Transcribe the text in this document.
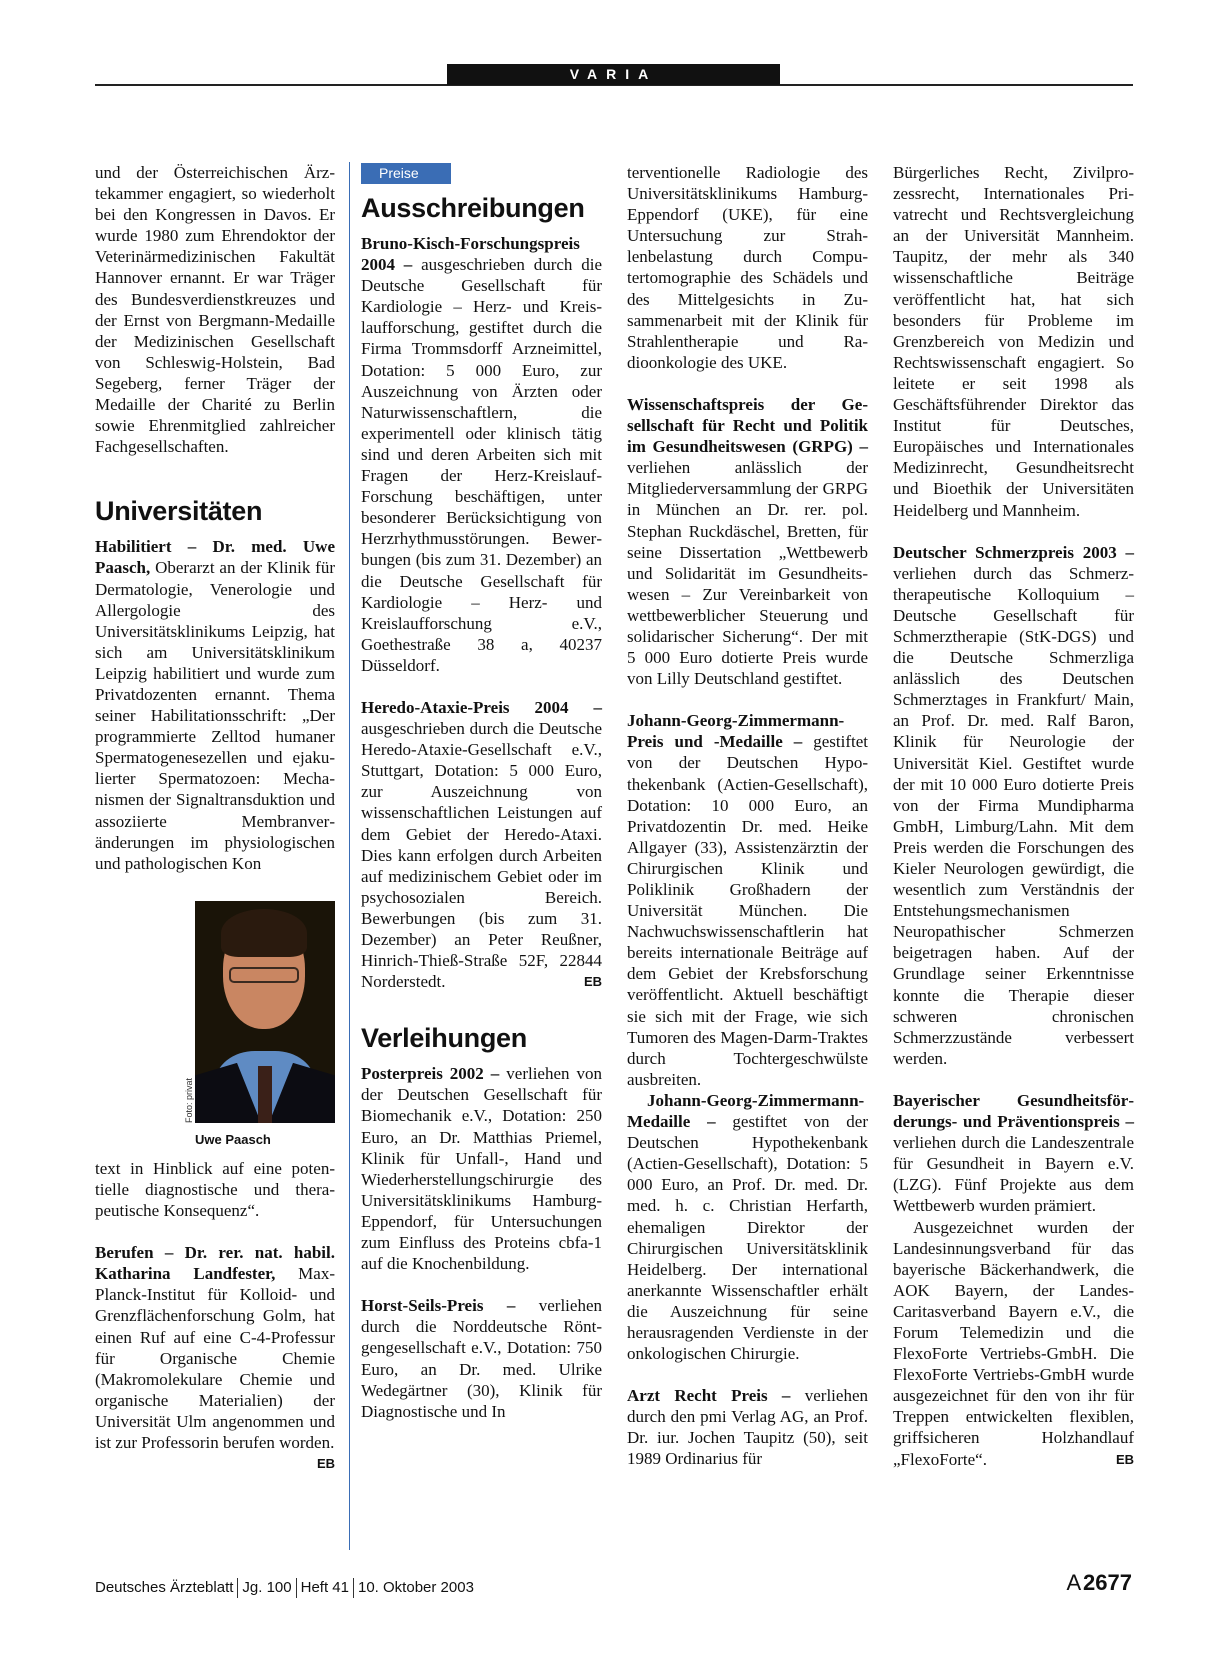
VARIA

und der Österreichischen Ärztekammer engagiert, so wiederholt bei den Kongressen in Davos. Er wurde 1980 zum Ehrendoktor der Veterinärmedizinischen Fakultät Hannover ernannt. Er war Träger des Bundesverdienstkreuzes und der Ernst von Bergmann-Medaille der Medizinischen Gesellschaft von Schleswig-Holstein, Bad Segeberg, ferner Träger der Medaille der Charité zu Berlin sowie Ehrenmitglied zahlreicher Fachgesellschaften.

Universitäten

Habilitiert – Dr. med. Uwe Paasch, Oberarzt an der Klinik für Dermatologie, Venerologie und Allergologie des Universitätsklinikums Leipzig, hat sich am Universitätsklinikum Leipzig habilitiert und wurde zum Privatdozenten ernannt. Thema seiner Habilitationsschrift: „Der programmierte Zelltod humaner Spermatogenesezellen und ejakulierter Spermatozoen: Mechanismen der Signaltransduktion und assoziierte Membranveränderungen im physiologischen und pathologischen Kon

Foto: privat
Uwe Paasch

text in Hinblick auf eine potentielle diagnostische und therapeutische Konsequenz“.

Berufen – Dr. rer. nat. habil. Katharina Landfester, Max-Planck-Institut für Kolloid- und Grenzflächenforschung Golm, hat einen Ruf auf eine C-4-Professur für Organische Chemie (Makromolekulare Chemie und organische Materialien) der Universität Ulm angenommen und ist zur Professorin berufen worden.
EB

Preise
Ausschreibungen

Bruno-Kisch-Forschungspreis 2004 – ausgeschrieben durch die Deutsche Gesellschaft für Kardiologie – Herz- und Kreislaufforschung, gestiftet durch die Firma Trommsdorff Arzneimittel, Dotation: 5 000 Euro, zur Auszeichnung von Ärzten oder Naturwissenschaftlern, die experimentell oder klinisch tätig sind und deren Arbeiten sich mit Fragen der Herz-Kreislauf-Forschung beschäftigen, unter besonderer Berücksichtigung von Herzrhythmusstörungen. Bewerbungen (bis zum 31. Dezember) an die Deutsche Gesellschaft für Kardiologie – Herz- und Kreislaufforschung e.V., Goethestraße 38 a, 40237 Düsseldorf.

Heredo-Ataxie-Preis 2004 – ausgeschrieben durch die Deutsche Heredo-Ataxie-Gesellschaft e.V., Stuttgart, Dotation: 5 000 Euro, zur Auszeichnung von wissenschaftlichen Leistungen auf dem Gebiet der Heredo-Ataxi. Dies kann erfolgen durch Arbeiten auf medizinischem Gebiet oder im psychosozialen Bereich. Bewerbungen (bis zum 31. Dezember) an Peter Reußner, Hinrich-Thieß-Straße 52F, 22844 Norderstedt.	EB

Verleihungen

Posterpreis 2002 – verliehen von der Deutschen Gesellschaft für Biomechanik e.V., Dotation: 250 Euro, an Dr. Matthias Priemel, Klinik für Unfall-, Hand und Wiederherstellungschirurgie des Universitätsklinikums Hamburg-Eppendorf, für Untersuchungen zum Einfluss des Proteins cbfa-1 auf die Knochenbildung.

Horst-Seils-Preis – verliehen durch die Norddeutsche Röntgengesellschaft e.V., Dotation: 750 Euro, an Dr. med. Ulrike Wedegärtner (30), Klinik für Diagnostische und In

terventionelle Radiologie des Universitätsklinikums Hamburg-Eppendorf (UKE), für eine Untersuchung zur Strahlenbelastung durch Computertomographie des Schädels und des Mittelgesichts in Zusammenarbeit mit der Klinik für Strahlentherapie und Radioonkologie des UKE.

Wissenschaftspreis der Gesellschaft für Recht und Politik im Gesundheitswesen (GRPG) – verliehen anlässlich der Mitgliederversammlung der GRPG in München an Dr. rer. pol. Stephan Ruckdäschel, Bretten, für seine Dissertation „Wettbewerb und Solidarität im Gesundheitswesen – Zur Vereinbarkeit von wettbewerblicher Steuerung und solidarischer Sicherung“. Der mit 5 000 Euro dotierte Preis wurde von Lilly Deutschland gestiftet.

Johann-Georg-Zimmermann-Preis und -Medaille – gestiftet von der Deutschen Hypothekenbank (Actien-Gesellschaft), Dotation: 10 000 Euro, an Privatdozentin Dr. med. Heike Allgayer (33), Assistenzärztin der Chirurgischen Klinik und Poliklinik Großhadern der Universität München. Die Nachwuchswissenschaftlerin hat bereits internationale Beiträge auf dem Gebiet der Krebsforschung veröffentlicht. Aktuell beschäftigt sie sich mit der Frage, wie sich Tumoren des Magen-Darm-Traktes durch Tochtergeschwülste ausbreiten.

Johann-Georg-Zimmermann-Medaille – gestiftet von der Deutschen Hypothekenbank (Actien-Gesellschaft), Dotation: 5 000 Euro, an Prof. Dr. med. Dr. med. h. c. Christian Herfarth, ehemaligen Direktor der Chirurgischen Universitätsklinik Heidelberg. Der international anerkannte Wissenschaftler erhält die Auszeichnung für seine herausragenden Verdienste in der onkologischen Chirurgie.

Arzt Recht Preis – verliehen durch den pmi Verlag AG, an Prof. Dr. iur. Jochen Taupitz (50), seit 1989 Ordinarius für

Bürgerliches Recht, Zivilprozessrecht, Internationales Privatrecht und Rechtsvergleichung an der Universität Mannheim. Taupitz, der mehr als 340 wissenschaftliche Beiträge veröffentlicht hat, hat sich besonders für Probleme im Grenzbereich von Medizin und Rechtswissenschaft engagiert. So leitete er seit 1998 als Geschäftsführender Direktor das Institut für Deutsches, Europäisches und Internationales Medizinrecht, Gesundheitsrecht und Bioethik der Universitäten Heidelberg und Mannheim.

Deutscher Schmerzpreis 2003 – verliehen durch das Schmerztherapeutische Kolloquium – Deutsche Gesellschaft für Schmerztherapie (StK-DGS) und die Deutsche Schmerzliga anlässlich des Deutschen Schmerztages in Frankfurt/ Main, an Prof. Dr. med. Ralf Baron, Klinik für Neurologie der Universität Kiel. Gestiftet wurde der mit 10 000 Euro dotierte Preis von der Firma Mundipharma GmbH, Limburg/Lahn. Mit dem Preis werden die Forschungen des Kieler Neurologen gewürdigt, die wesentlich zum Verständnis der Entstehungsmechanismen Neuropathischer Schmerzen beigetragen haben. Auf der Grundlage seiner Erkenntnisse konnte die Therapie dieser schweren chronischen Schmerzzustände verbessert werden.

Bayerischer Gesundheitsförderungs- und Präventionspreis – verliehen durch die Landeszentrale für Gesundheit in Bayern e.V. (LZG). Fünf Projekte aus dem Wettbewerb wurden prämiert.

Ausgezeichnet wurden der Landesinnungsverband für das bayerische Bäckerhandwerk, die AOK Bayern, der Landes-Caritasverband Bayern e.V., die Forum Telemedizin und die FlexoForte Vertriebs-GmbH. Die FlexoForte Vertriebs-GmbH wurde ausgezeichnet für den von ihr für Treppen entwickelten flexiblen, griffsicheren Holzhandlauf „FlexoForte“.	EB

Deutsches Ärzteblatt Jg. 100 Heft 41 10. Oktober 2003	A 2677
